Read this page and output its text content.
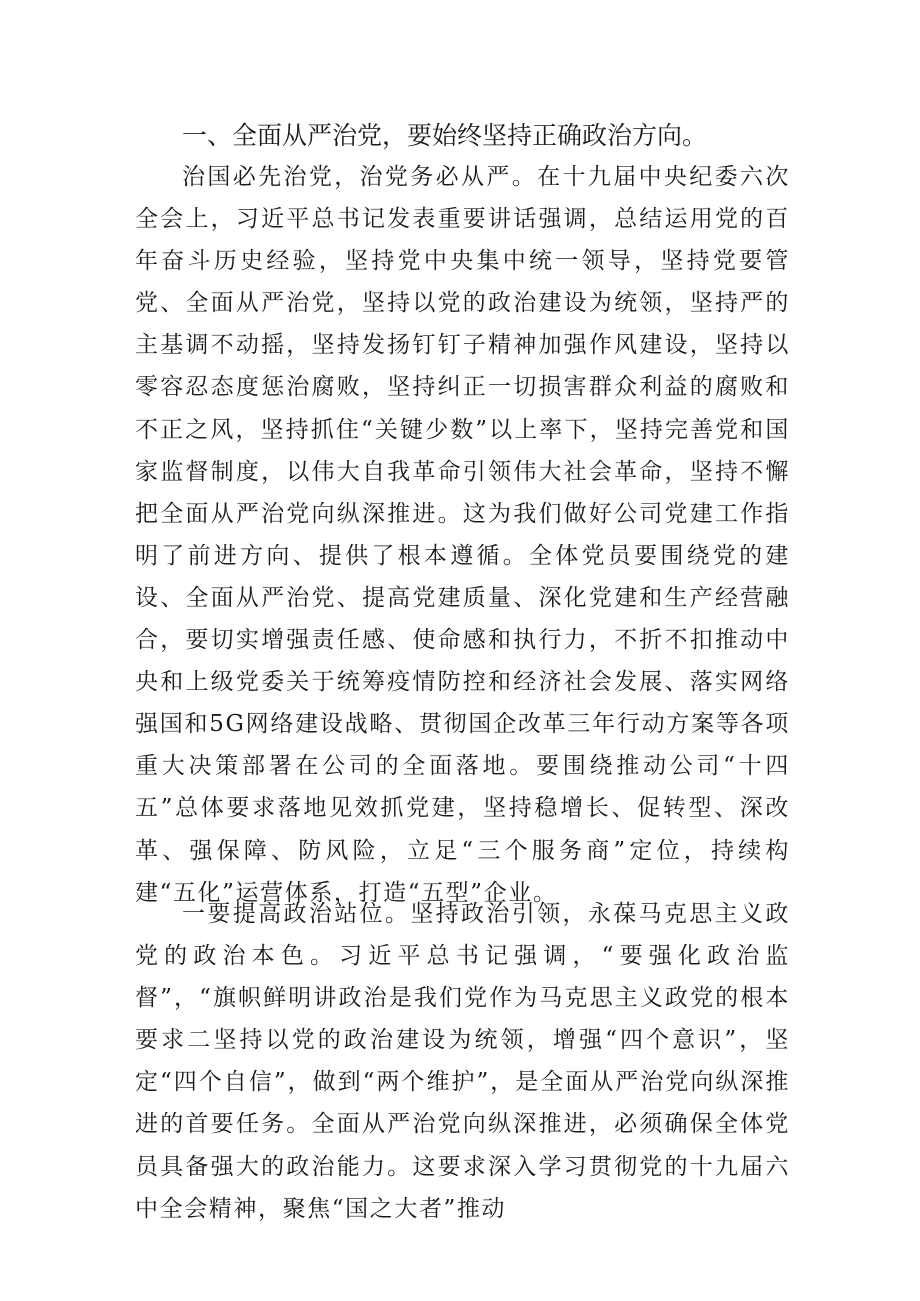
一、全面从严治党，要始终坚持正确政治方向。

治国必先治党，治党务必从严。在十九届中央纪委六次全会上，习近平总书记发表重要讲话强调，总结运用党的百年奋斗历史经验，坚持党中央集中统一领导，坚持党要管党、全面从严治党，坚持以党的政治建设为统领，坚持严的主基调不动摇，坚持发扬钉钉子精神加强作风建设，坚持以零容忍态度惩治腐败，坚持纠正一切损害群众利益的腐败和不正之风，坚持抓住“关键少数”以上率下，坚持完善党和国家监督制度，以伟大自我革命引领伟大社会革命，坚持不懈把全面从严治党向纵深推进。这为我们做好公司党建工作指明了前进方向、提供了根本遵循。全体党员要围绕党的建设、全面从严治党、提高党建质量、深化党建和生产经营融合，要切实增强责任感、使命感和执行力，不折不扣推动中央和上级党委关于统筹疫情防控和经济社会发展、落实网络强国和5G网络建设战略、贯彻国企改革三年行动方案等各项重大决策部署在公司的全面落地。要围绕推动公司“十四五”总体要求落地见效抓党建，坚持稳增长、促转型、深改革、强保障、防风险，立足“三个服务商”定位，持续构建“五化”运营体系，打造“五型”企业。

一要提高政治站位。坚持政治引领，永葆马克思主义政党的政治本色。习近平总书记强调，“要强化政治监督”，“旗帜鲜明讲政治是我们党作为马克思主义政党的根本要求二坚持以党的政治建设为统领，增强“四个意识”，坚定“四个自信”，做到“两个维护”，是全面从严治党向纵深推进的首要任务。全面从严治党向纵深推进，必须确保全体党员具备强大的政治能力。这要求深入学习贯彻党的十九届六中全会精神，聚焦“国之大者”推动
